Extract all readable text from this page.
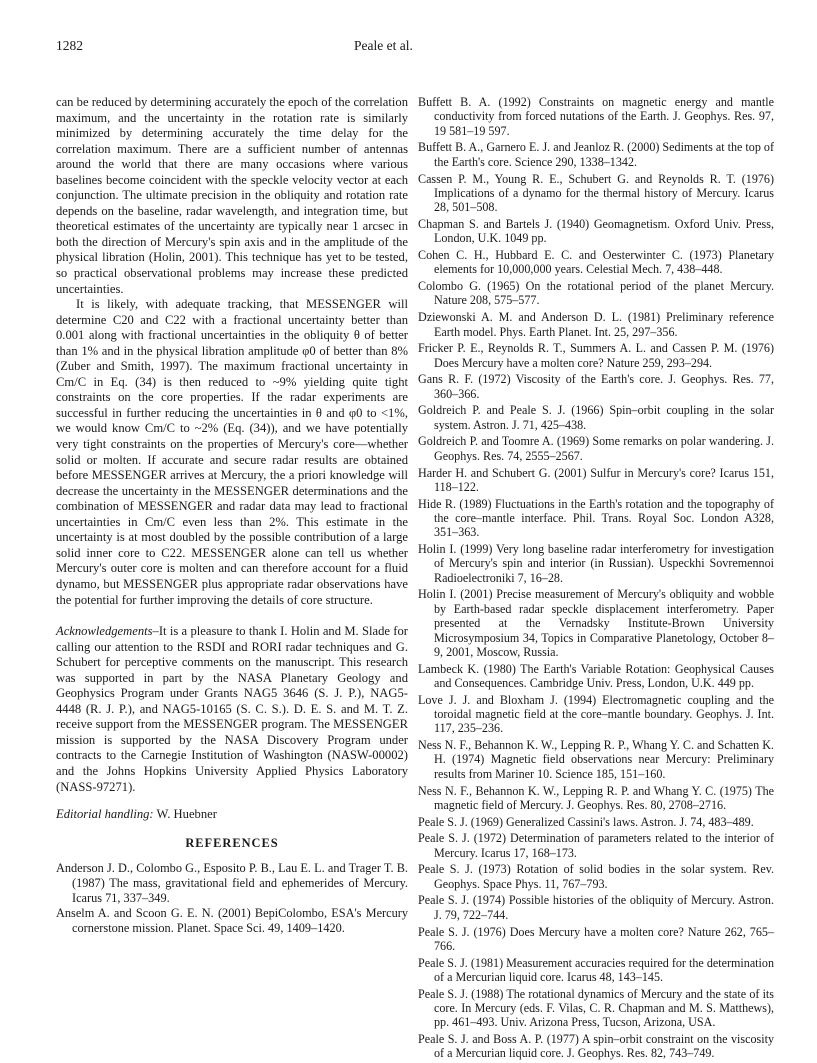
1282	Peale et al.

can be reduced by determining accurately the epoch of the correlation maximum, and the uncertainty in the rotation rate is similarly minimized by determining accurately the time delay for the correlation maximum. There are a sufficient number of antennas around the world that there are many occasions where various baselines become coincident with the speckle velocity vector at each conjunction. The ultimate precision in the obliquity and rotation rate depends on the baseline, radar wavelength, and integration time, but theoretical estimates of the uncertainty are typically near 1 arcsec in both the direction of Mercury's spin axis and in the amplitude of the physical libration (Holin, 2001). This technique has yet to be tested, so practical observational problems may increase these predicted uncertainties.

It is likely, with adequate tracking, that MESSENGER will determine C20 and C22 with a fractional uncertainty better than 0.001 along with fractional uncertainties in the obliquity θ of better than 1% and in the physical libration amplitude φ0 of better than 8% (Zuber and Smith, 1997). The maximum fractional uncertainty in Cm/C in Eq. (34) is then reduced to ~9% yielding quite tight constraints on the core properties. If the radar experiments are successful in further reducing the uncertainties in θ and φ0 to <1%, we would know Cm/C to ~2% (Eq. (34)), and we have potentially very tight constraints on the properties of Mercury's core—whether solid or molten. If accurate and secure radar results are obtained before MESSENGER arrives at Mercury, the a priori knowledge will decrease the uncertainty in the MESSENGER determinations and the combination of MESSENGER and radar data may lead to fractional uncertainties in Cm/C even less than 2%. This estimate in the uncertainty is at most doubled by the possible contribution of a large solid inner core to C22. MESSENGER alone can tell us whether Mercury's outer core is molten and can therefore account for a fluid dynamo, but MESSENGER plus appropriate radar observations have the potential for further improving the details of core structure.

Acknowledgements–It is a pleasure to thank I. Holin and M. Slade for calling our attention to the RSDI and RORI radar techniques and G. Schubert for perceptive comments on the manuscript. This research was supported in part by the NASA Planetary Geology and Geophysics Program under Grants NAG5 3646 (S. J. P.), NAG5-4448 (R. J. P.), and NAG5-10165 (S. C. S.). D. E. S. and M. T. Z. receive support from the MESSENGER program. The MESSENGER mission is supported by the NASA Discovery Program under contracts to the Carnegie Institution of Washington (NASW-00002) and the Johns Hopkins University Applied Physics Laboratory (NASS-97271).

Editorial handling: W. Huebner

REFERENCES

Anderson J. D., Colombo G., Esposito P. B., Lau E. L. and Trager T. B. (1987) The mass, gravitational field and ephemerides of Mercury. Icarus 71, 337–349.

Anselm A. and Scoon G. E. N. (2001) BepiColombo, ESA's Mercury cornerstone mission. Planet. Space Sci. 49, 1409–1420.

Buffett B. A. (1992) Constraints on magnetic energy and mantle conductivity from forced nutations of the Earth. J. Geophys. Res. 97, 19 581–19 597.

Buffett B. A., Garnero E. J. and Jeanloz R. (2000) Sediments at the top of the Earth's core. Science 290, 1338–1342.

Cassen P. M., Young R. E., Schubert G. and Reynolds R. T. (1976) Implications of a dynamo for the thermal history of Mercury. Icarus 28, 501–508.

Chapman S. and Bartels J. (1940) Geomagnetism. Oxford Univ. Press, London, U.K. 1049 pp.

Cohen C. H., Hubbard E. C. and Oesterwinter C. (1973) Planetary elements for 10,000,000 years. Celestial Mech. 7, 438–448.

Colombo G. (1965) On the rotational period of the planet Mercury. Nature 208, 575–577.

Dziewonski A. M. and Anderson D. L. (1981) Preliminary reference Earth model. Phys. Earth Planet. Int. 25, 297–356.

Fricker P. E., Reynolds R. T., Summers A. L. and Cassen P. M. (1976) Does Mercury have a molten core? Nature 259, 293–294.

Gans R. F. (1972) Viscosity of the Earth's core. J. Geophys. Res. 77, 360–366.

Goldreich P. and Peale S. J. (1966) Spin–orbit coupling in the solar system. Astron. J. 71, 425–438.

Goldreich P. and Toomre A. (1969) Some remarks on polar wandering. J. Geophys. Res. 74, 2555–2567.

Harder H. and Schubert G. (2001) Sulfur in Mercury's core? Icarus 151, 118–122.

Hide R. (1989) Fluctuations in the Earth's rotation and the topography of the core–mantle interface. Phil. Trans. Royal Soc. London A328, 351–363.

Holin I. (1999) Very long baseline radar interferometry for investigation of Mercury's spin and interior (in Russian). Uspeckhi Sovremennoi Radioelectroniki 7, 16–28.

Holin I. (2001) Precise measurement of Mercury's obliquity and wobble by Earth-based radar speckle displacement interferometry. Paper presented at the Vernadsky Institute-Brown University Microsymposium 34, Topics in Comparative Planetology, October 8–9, 2001, Moscow, Russia.

Lambeck K. (1980) The Earth's Variable Rotation: Geophysical Causes and Consequences. Cambridge Univ. Press, London, U.K. 449 pp.

Love J. J. and Bloxham J. (1994) Electromagnetic coupling and the toroidal magnetic field at the core–mantle boundary. Geophys. J. Int. 117, 235–236.

Ness N. F., Behannon K. W., Lepping R. P., Whang Y. C. and Schatten K. H. (1974) Magnetic field observations near Mercury: Preliminary results from Mariner 10. Science 185, 151–160.

Ness N. F., Behannon K. W., Lepping R. P. and Whang Y. C. (1975) The magnetic field of Mercury. J. Geophys. Res. 80, 2708–2716.

Peale S. J. (1969) Generalized Cassini's laws. Astron. J. 74, 483–489.

Peale S. J. (1972) Determination of parameters related to the interior of Mercury. Icarus 17, 168–173.

Peale S. J. (1973) Rotation of solid bodies in the solar system. Rev. Geophys. Space Phys. 11, 767–793.

Peale S. J. (1974) Possible histories of the obliquity of Mercury. Astron. J. 79, 722–744.

Peale S. J. (1976) Does Mercury have a molten core? Nature 262, 765–766.

Peale S. J. (1981) Measurement accuracies required for the determination of a Mercurian liquid core. Icarus 48, 143–145.

Peale S. J. (1988) The rotational dynamics of Mercury and the state of its core. In Mercury (eds. F. Vilas, C. R. Chapman and M. S. Matthews), pp. 461–493. Univ. Arizona Press, Tucson, Arizona, USA.

Peale S. J. and Boss A. P. (1977) A spin–orbit constraint on the viscosity of a Mercurian liquid core. J. Geophys. Res. 82, 743–749.
